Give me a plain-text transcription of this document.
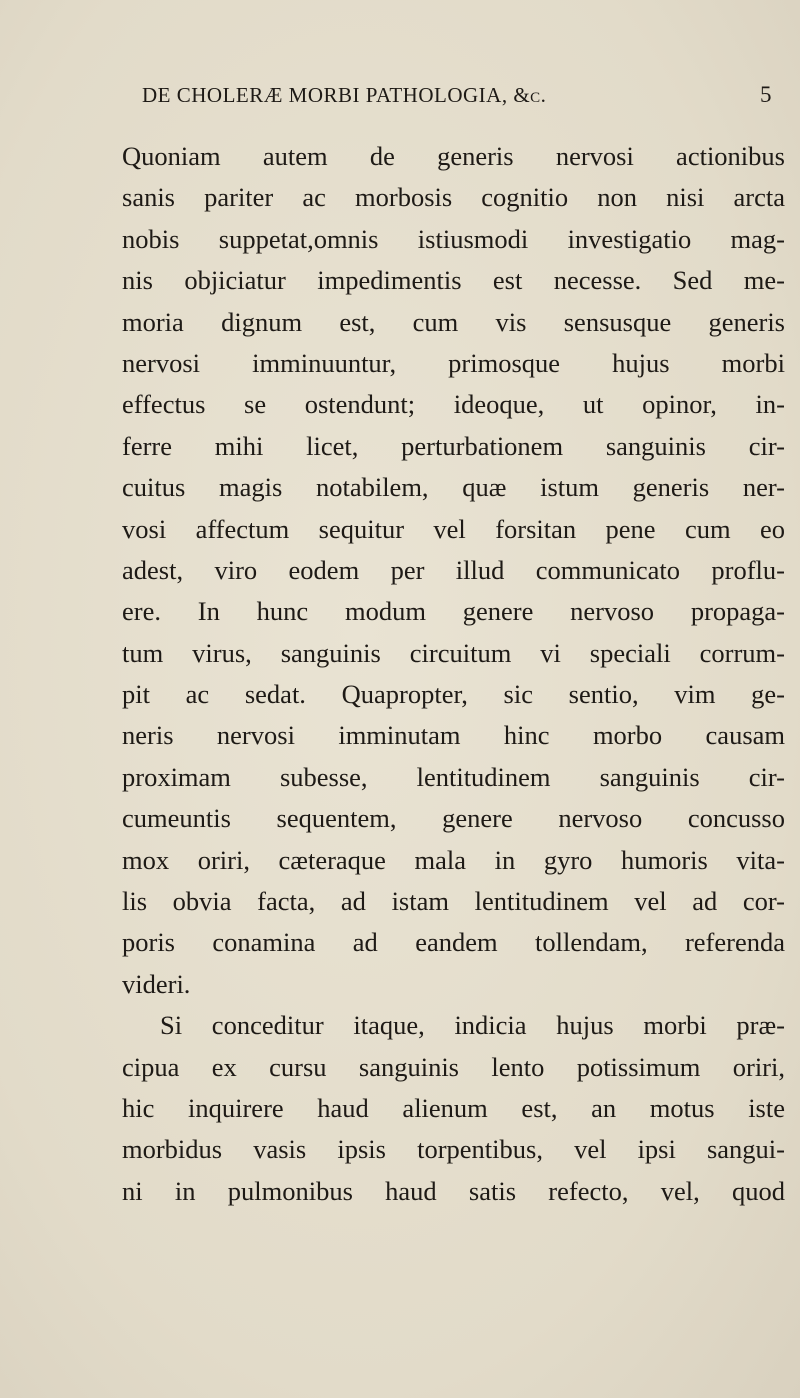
DE CHOLERÆ MORBI PATHOLOGIA, &c.	5
Quoniam autem de generis nervosi actionibus
sanis pariter ac morbosis cognitio non nisi arcta
nobis suppetat,omnis istiusmodi investigatio mag-
nis objiciatur impedimentis est necesse. Sed me-
moria dignum est, cum vis sensusque generis
nervosi imminuuntur, primosque hujus morbi
effectus se ostendunt; ideoque, ut opinor, in-
ferre mihi licet, perturbationem sanguinis cir-
cuitus magis notabilem, quæ istum generis ner-
vosi affectum sequitur vel forsitan pene cum eo
adest, viro eodem per illud communicato proflu-
ere. In hunc modum genere nervoso propaga-
tum virus, sanguinis circuitum vi speciali corrum-
pit ac sedat. Quapropter, sic sentio, vim ge-
neris nervosi imminutam hinc morbo causam
proximam subesse, lentitudinem sanguinis cir-
cumeuntis sequentem, genere nervoso concusso
mox oriri, cæteraque mala in gyro humoris vita-
lis obvia facta, ad istam lentitudinem vel ad cor-
poris conamina ad eandem tollendam, referenda
videri.
Si conceditur itaque, indicia hujus morbi præ-
cipua ex cursu sanguinis lento potissimum oriri,
hic inquirere haud alienum est, an motus iste
morbidus vasis ipsis torpentibus, vel ipsi sangui-
ni in pulmonibus haud satis refecto, vel, quod
